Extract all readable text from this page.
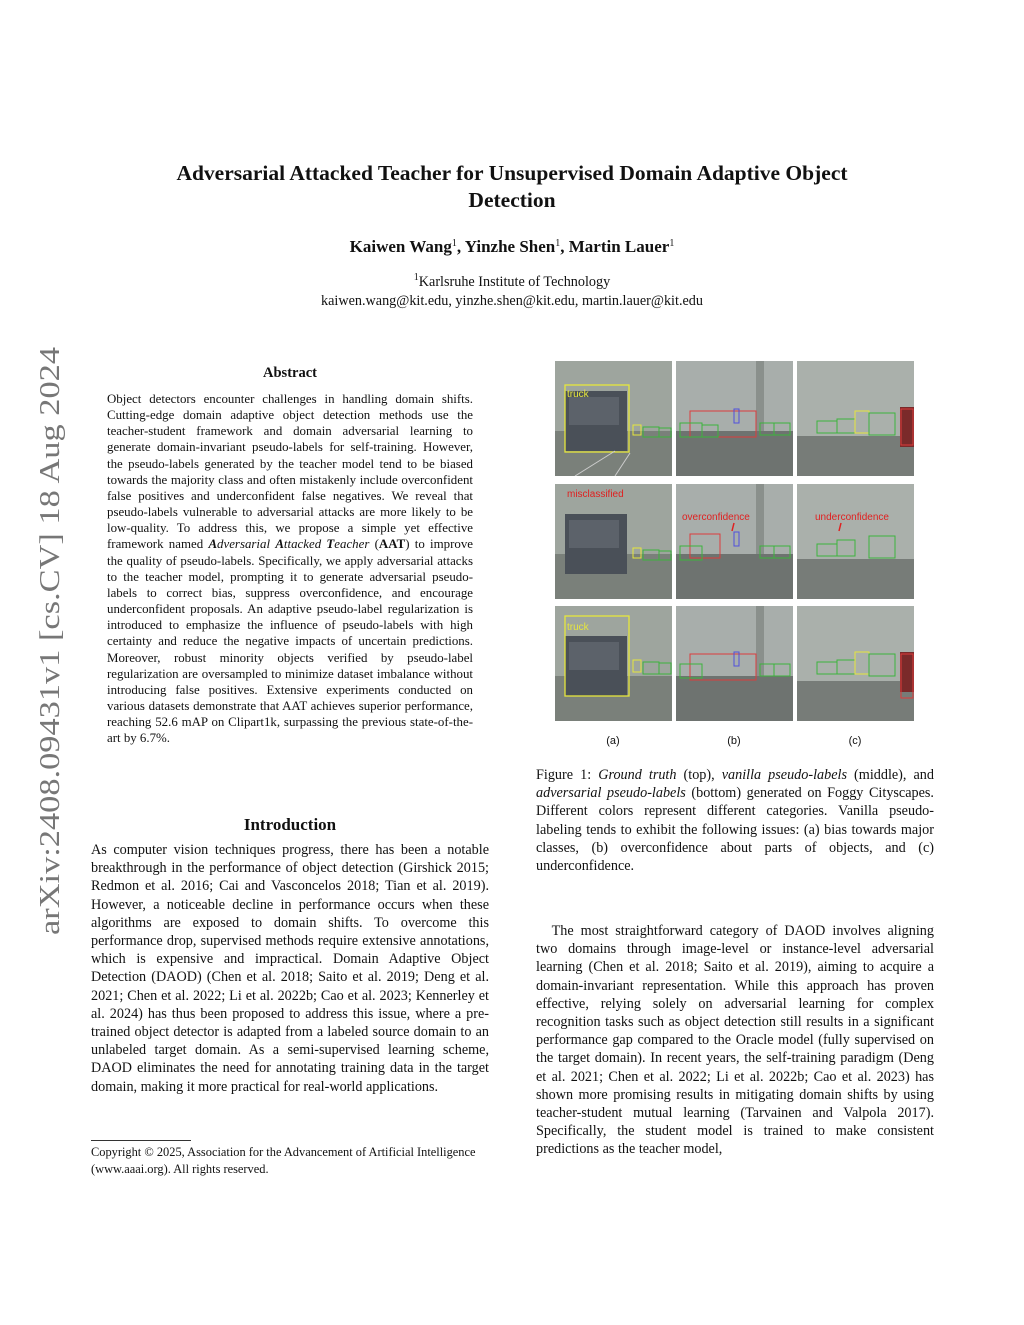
arXiv:2408.09431v1 [cs.CV] 18 Aug 2024
Adversarial Attacked Teacher for Unsupervised Domain Adaptive Object
Detection
Kaiwen Wang$^1$, Yinzhe Shen$^1$, Martin Lauer$^1$
$^1$Karlsruhe Institute of Technology
kaiwen.wang@kit.edu, yinzhe.shen@kit.edu, martin.lauer@kit.edu
Abstract
Object detectors encounter challenges in handling domain shifts. Cutting-edge domain adaptive object detection methods use the teacher-student framework and domain adversarial learning to generate domain-invariant pseudo-labels for self-training. However, the pseudo-labels generated by the teacher model tend to be biased towards the majority class and often mistakenly include overconfident false positives and underconfident false negatives. We reveal that pseudo-labels vulnerable to adversarial attacks are more likely to be low-quality. To address this, we propose a simple yet effective framework named Adversarial Attacked Teacher (AAT) to improve the quality of pseudo-labels. Specifically, we apply adversarial attacks to the teacher model, prompting it to generate adversarial pseudo-labels to correct bias, suppress overconfidence, and encourage underconfident proposals. An adaptive pseudo-label regularization is introduced to emphasize the influence of pseudo-labels with high certainty and reduce the negative impacts of uncertain predictions. Moreover, robust minority objects verified by pseudo-label regularization are oversampled to minimize dataset imbalance without introducing false positives. Extensive experiments conducted on various datasets demonstrate that AAT achieves superior performance, reaching 52.6 mAP on Clipart1k, surpassing the previous state-of-the-art by 6.7%.
Introduction

As computer vision techniques progress, there has been a notable breakthrough in the performance of object detection (Girshick 2015; Redmon et al. 2016; Cai and Vasconcelos 2018; Tian et al. 2019). However, a noticeable decline in performance occurs when these algorithms are exposed to domain shifts. To overcome this performance drop, supervised methods require extensive annotations, which is expensive and impractical. Domain Adaptive Object Detection (DAOD) (Chen et al. 2018; Saito et al. 2019; Deng et al. 2021; Chen et al. 2022; Li et al. 2022b; Cao et al. 2023; Kennerley et al. 2024) has thus been proposed to address this issue, where a pre-trained object detector is adapted from a labeled source domain to an unlabeled target domain. As a semi-supervised learning scheme, DAOD eliminates the need for annotating training data in the target domain, making it more practical for real-world applications.

Copyright © 2025, Association for the Advancement of Artificial Intelligence (www.aaai.org). All rights reserved.
truck
misclassified
overconfidence	underconfidence
truck
(a)	(b)	(c)
Figure 1: Ground truth (top), vanilla pseudo-labels (middle), and adversarial pseudo-labels (bottom) generated on Foggy Cityscapes. Different colors represent different categories. Vanilla pseudo-labeling tends to exhibit the following issues: (a) bias towards major classes, (b) overconfidence about parts of objects, and (c) underconfidence.

The most straightforward category of DAOD involves aligning two domains through image-level or instance-level adversarial learning (Chen et al. 2018; Saito et al. 2019), aiming to acquire a domain-invariant representation. While this approach has proven effective, relying solely on adversarial learning for complex recognition tasks such as object detection still results in a significant performance gap compared to the Oracle model (fully supervised on the target domain). In recent years, the self-training paradigm (Deng et al. 2021; Chen et al. 2022; Li et al. 2022b; Cao et al. 2023) has shown more promising results in mitigating domain shifts by using teacher-student mutual learning (Tarvainen and Valpola 2017). Specifically, the student model is trained to make consistent predictions as the teacher model,
